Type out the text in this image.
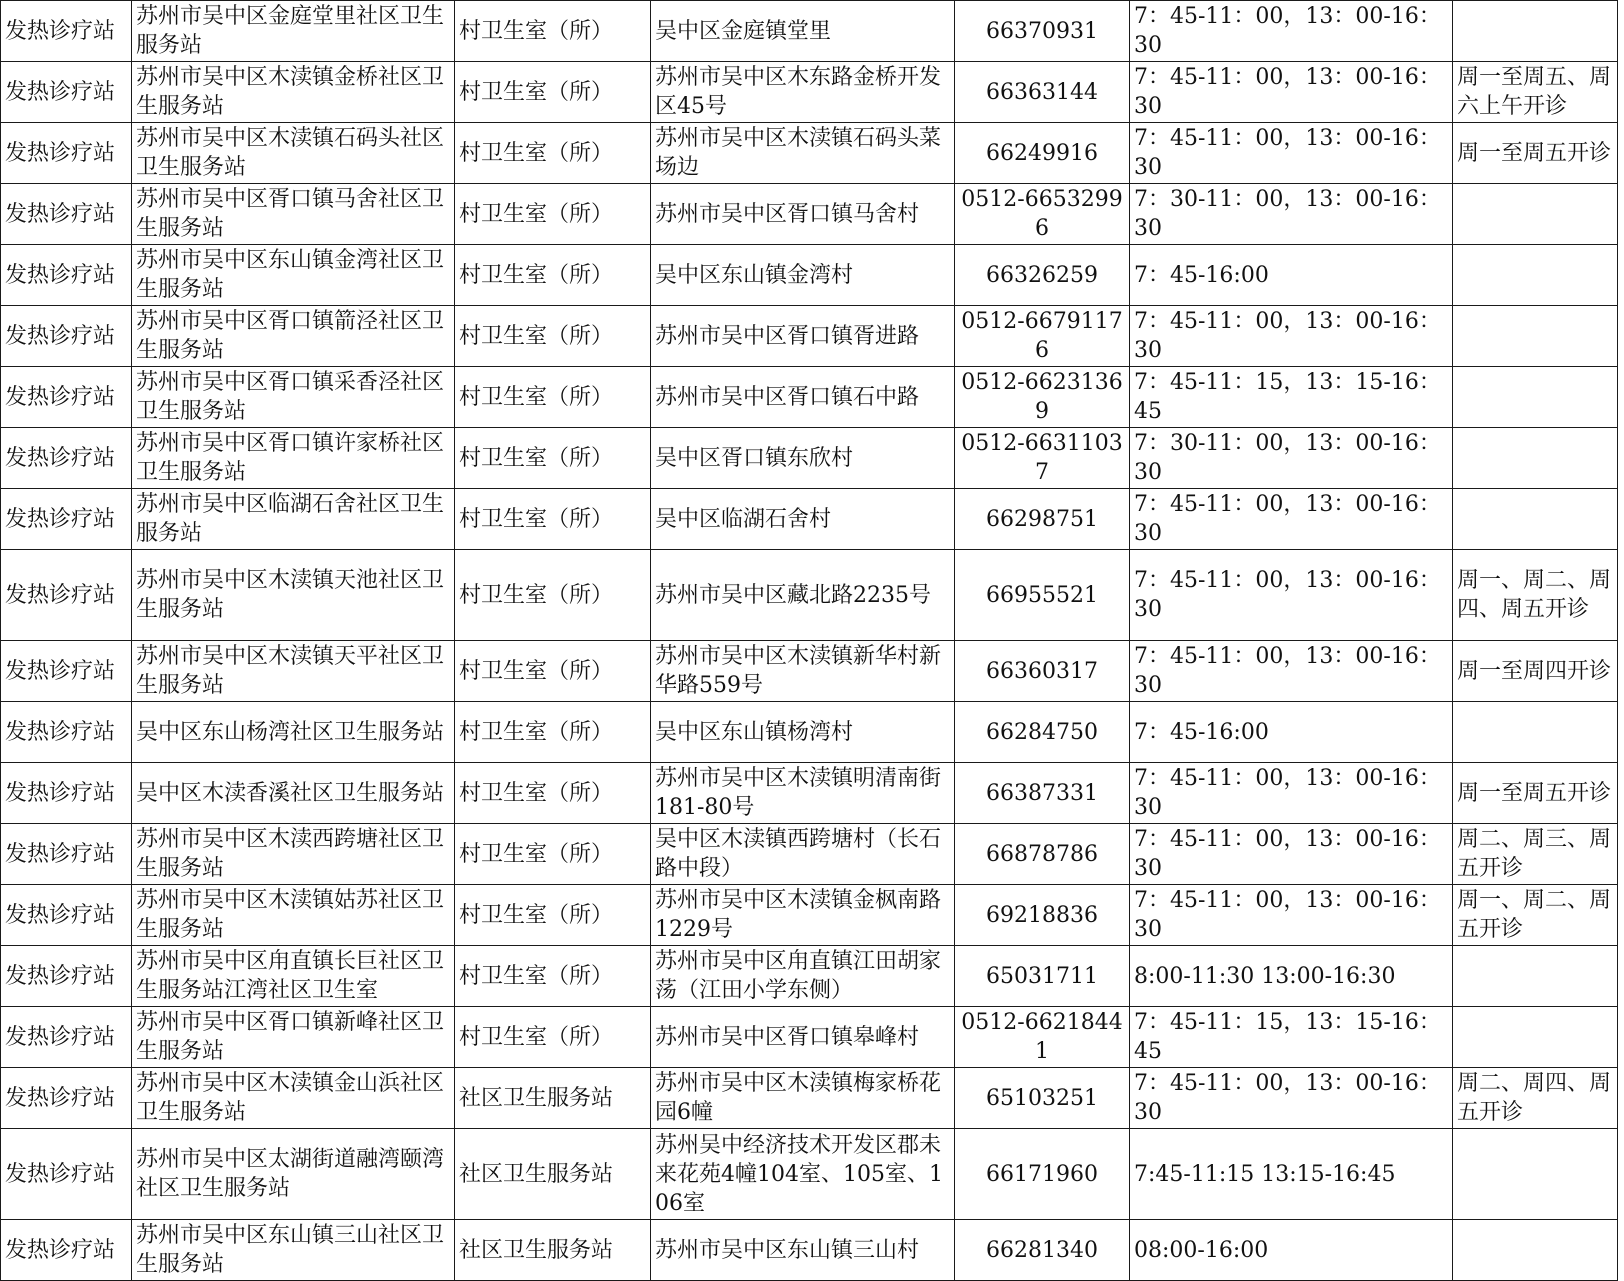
发热诊疗站	苏州市吴中区金庭堂里社区卫生服务站	村卫生室（所）	吴中区金庭镇堂里	66370931	7：45-11：00，13：00-16：30	
发热诊疗站	苏州市吴中区木渎镇金桥社区卫生服务站	村卫生室（所）	苏州市吴中区木东路金桥开发区45号	66363144	7：45-11：00，13：00-16：30	周一至周五、周六上午开诊
发热诊疗站	苏州市吴中区木渎镇石码头社区卫生服务站	村卫生室（所）	苏州市吴中区木渎镇石码头菜场边	66249916	7：45-11：00，13：00-16：30	周一至周五开诊
发热诊疗站	苏州市吴中区胥口镇马舍社区卫生服务站	村卫生室（所）	苏州市吴中区胥口镇马舍村	0512-66532996	7：30-11：00，13：00-16：30	
发热诊疗站	苏州市吴中区东山镇金湾社区卫生服务站	村卫生室（所）	吴中区东山镇金湾村	66326259	7：45-16:00	
发热诊疗站	苏州市吴中区胥口镇箭泾社区卫生服务站	村卫生室（所）	苏州市吴中区胥口镇胥进路	0512-66791176	7：45-11：00，13：00-16：30	
发热诊疗站	苏州市吴中区胥口镇采香泾社区卫生服务站	村卫生室（所）	苏州市吴中区胥口镇石中路	0512-66231369	7：45-11：15，13：15-16：45	
发热诊疗站	苏州市吴中区胥口镇许家桥社区卫生服务站	村卫生室（所）	吴中区胥口镇东欣村	0512-66311037	7：30-11：00，13：00-16：30	
发热诊疗站	苏州市吴中区临湖石舍社区卫生服务站	村卫生室（所）	吴中区临湖石舍村	66298751	7：45-11：00，13：00-16：30	
发热诊疗站	苏州市吴中区木渎镇天池社区卫生服务站	村卫生室（所）	苏州市吴中区藏北路2235号	66955521	7：45-11：00，13：00-16：30	周一、周二、周四、周五开诊
发热诊疗站	苏州市吴中区木渎镇天平社区卫生服务站	村卫生室（所）	苏州市吴中区木渎镇新华村新华路559号	66360317	7：45-11：00，13：00-16：30	周一至周四开诊
发热诊疗站	吴中区东山杨湾社区卫生服务站	村卫生室（所）	吴中区东山镇杨湾村	66284750	7：45-16:00	
发热诊疗站	吴中区木渎香溪社区卫生服务站	村卫生室（所）	苏州市吴中区木渎镇明清南街181-80号	66387331	7：45-11：00，13：00-16：30	周一至周五开诊
发热诊疗站	苏州市吴中区木渎西跨塘社区卫生服务站	村卫生室（所）	吴中区木渎镇西跨塘村（长石路中段）	66878786	7：45-11：00，13：00-16：30	周二、周三、周五开诊
发热诊疗站	苏州市吴中区木渎镇姑苏社区卫生服务站	村卫生室（所）	苏州市吴中区木渎镇金枫南路1229号	69218836	7：45-11：00，13：00-16：30	周一、周二、周五开诊
发热诊疗站	苏州市吴中区甪直镇长巨社区卫生服务站江湾社区卫生室	村卫生室（所）	苏州市吴中区甪直镇江田胡家荡（江田小学东侧）	65031711	8:00-11:30 13:00-16:30	
发热诊疗站	苏州市吴中区胥口镇新峰社区卫生服务站	村卫生室（所）	苏州市吴中区胥口镇皋峰村	0512-66218441	7：45-11：15，13：15-16：45	
发热诊疗站	苏州市吴中区木渎镇金山浜社区卫生服务站	社区卫生服务站	苏州市吴中区木渎镇梅家桥花园6幢	65103251	7：45-11：00，13：00-16：30	周二、周四、周五开诊
发热诊疗站	苏州市吴中区太湖街道融湾颐湾社区卫生服务站	社区卫生服务站	苏州吴中经济技术开发区郡未来花苑4幢104室、105室、106室	66171960	7:45-11:15 13:15-16:45	
发热诊疗站	苏州市吴中区东山镇三山社区卫生服务站	社区卫生服务站	苏州市吴中区东山镇三山村	66281340	08:00-16:00	
